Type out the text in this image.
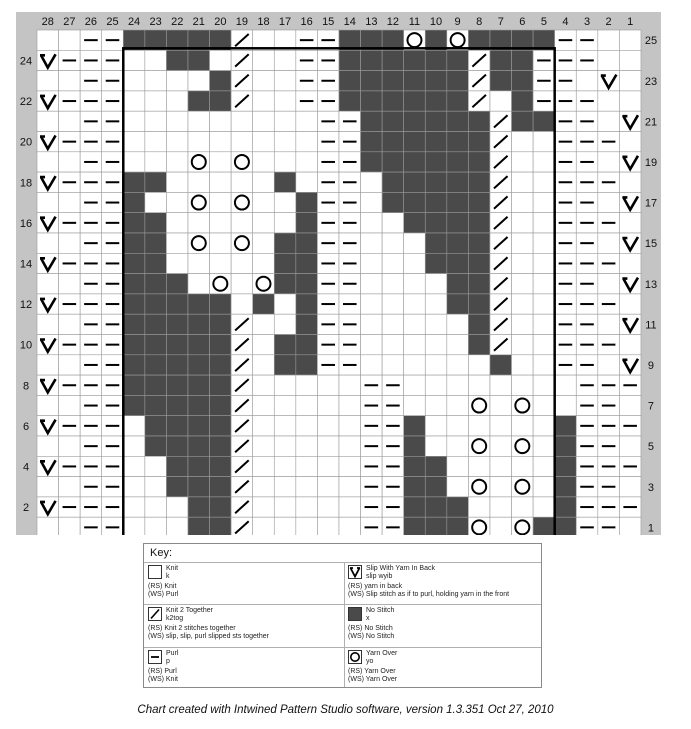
28 27 26 25 24 23 22 21 20 19 18 17 16 15 14 13 12 11 10 9 8 7 6 5 4 3 2 1
25
24
23
22
21
20
19
18
17
16
15
14
13
12
11
10
9
8
7
6
5
4
3
2
1
Key:
Knit
k
(RS) Knit
(WS) Purl
Slip With Yarn In Back
slip wyib
(RS) yarn in back
(WS) Slip stitch as if to purl, holding yarn in the front
Knit 2 Together
k2tog
(RS) Knit 2 stitches together
(WS) slip, slip, purl slipped sts together
No Stitch
x
(RS) No Stitch
(WS) No Stitch
Purl
p
(RS) Purl
(WS) Knit
Yarn Over
yo
(RS) Yarn Over
(WS) Yarn Over
Chart created with Intwined Pattern Studio software, version 1.3.351 Oct 27, 2010
